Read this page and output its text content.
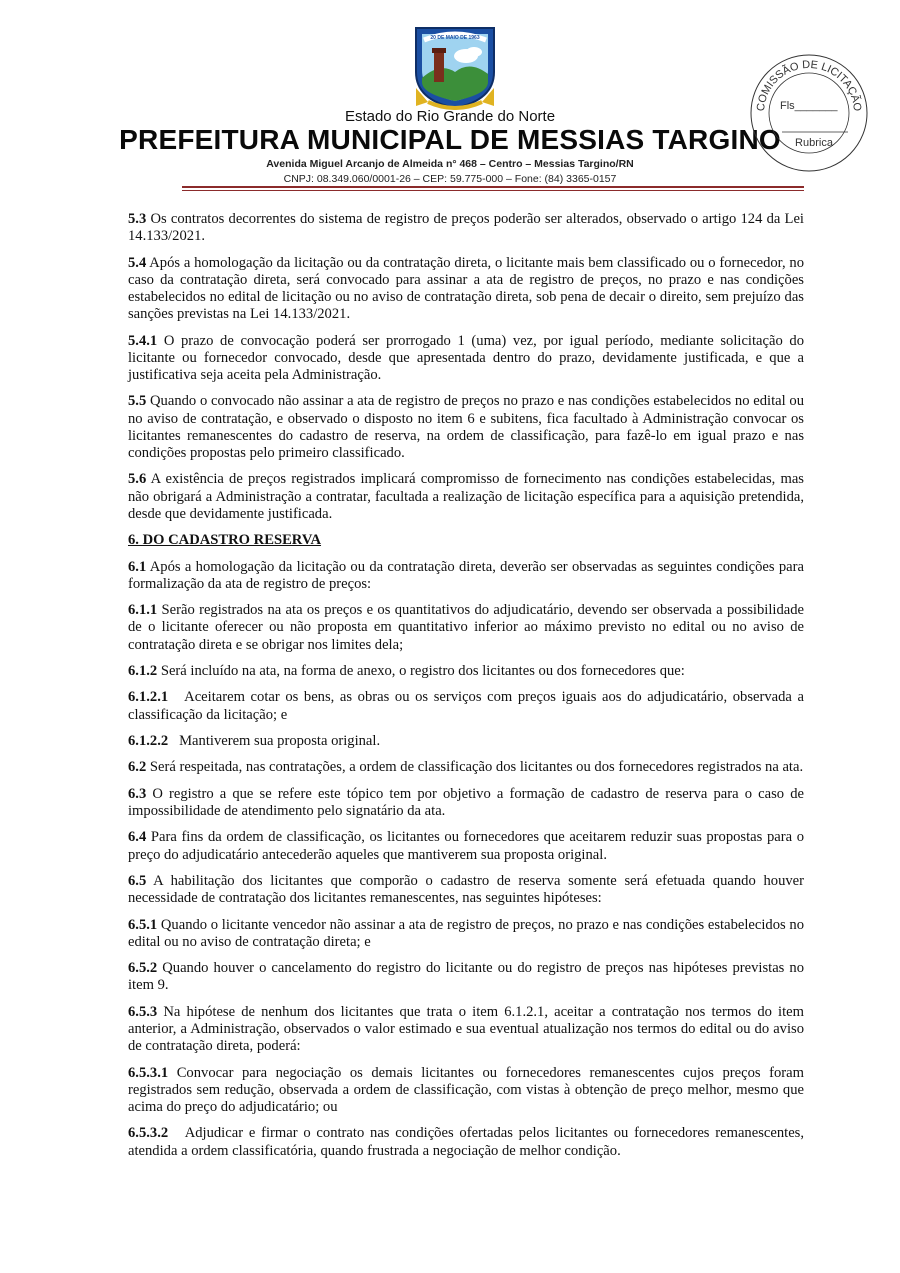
20 DE MAIO DE 1963
Estado do Rio Grande do Norte
PREFEITURA MUNICIPAL DE MESSIAS TARGINO
Avenida Miguel Arcanjo de Almeida n° 468 – Centro – Messias Targino/RN
CNPJ: 08.349.060/0001-26 – CEP: 59.775-000 – Fone: (84) 3365-0157
COMISSÃO DE LICITAÇÃO
Fls_______
Rubrica

5.3 Os contratos decorrentes do sistema de registro de preços poderão ser alterados, observado o artigo 124 da Lei 14.133/2021.

5.4 Após a homologação da licitação ou da contratação direta, o licitante mais bem classificado ou o fornecedor, no caso da contratação direta, será convocado para assinar a ata de registro de preços, no prazo e nas condições estabelecidos no edital de licitação ou no aviso de contratação direta, sob pena de decair o direito, sem prejuízo das sanções previstas na Lei 14.133/2021.

5.4.1 O prazo de convocação poderá ser prorrogado 1 (uma) vez, por igual período, mediante solicitação do licitante ou fornecedor convocado, desde que apresentada dentro do prazo, devidamente justificada, e que a justificativa seja aceita pela Administração.

5.5 Quando o convocado não assinar a ata de registro de preços no prazo e nas condições estabelecidos no edital ou no aviso de contratação, e observado o disposto no item 6 e subitens, fica facultado à Administração convocar os licitantes remanescentes do cadastro de reserva, na ordem de classificação, para fazê-lo em igual prazo e nas condições propostas pelo primeiro classificado.

5.6 A existência de preços registrados implicará compromisso de fornecimento nas condições estabelecidas, mas não obrigará a Administração a contratar, facultada a realização de licitação específica para a aquisição pretendida, desde que devidamente justificada.

6. DO CADASTRO RESERVA

6.1 Após a homologação da licitação ou da contratação direta, deverão ser observadas as seguintes condições para formalização da ata de registro de preços:

6.1.1 Serão registrados na ata os preços e os quantitativos do adjudicatário, devendo ser observada a possibilidade de o licitante oferecer ou não proposta em quantitativo inferior ao máximo previsto no edital ou no aviso de contratação direta e se obrigar nos limites dela;

6.1.2 Será incluído na ata, na forma de anexo, o registro dos licitantes ou dos fornecedores que:

6.1.2.1   Aceitarem cotar os bens, as obras ou os serviços com preços iguais aos do adjudicatário, observada a classificação da licitação; e

6.1.2.2   Mantiverem sua proposta original.

6.2 Será respeitada, nas contratações, a ordem de classificação dos licitantes ou dos fornecedores registrados na ata.

6.3 O registro a que se refere este tópico tem por objetivo a formação de cadastro de reserva para o caso de impossibilidade de atendimento pelo signatário da ata.

6.4 Para fins da ordem de classificação, os licitantes ou fornecedores que aceitarem reduzir suas propostas para o preço do adjudicatário antecederão aqueles que mantiverem sua proposta original.

6.5 A habilitação dos licitantes que comporão o cadastro de reserva somente será efetuada quando houver necessidade de contratação dos licitantes remanescentes, nas seguintes hipóteses:

6.5.1 Quando o licitante vencedor não assinar a ata de registro de preços, no prazo e nas condições estabelecidos no edital ou no aviso de contratação direta; e

6.5.2 Quando houver o cancelamento do registro do licitante ou do registro de preços nas hipóteses previstas no item 9.

6.5.3 Na hipótese de nenhum dos licitantes que trata o item 6.1.2.1, aceitar a contratação nos termos do item anterior, a Administração, observados o valor estimado e sua eventual atualização nos termos do edital ou do aviso de contratação direta, poderá:

6.5.3.1 Convocar para negociação os demais licitantes ou fornecedores remanescentes cujos preços foram registrados sem redução, observada a ordem de classificação, com vistas à obtenção de preço melhor, mesmo que acima do preço do adjudicatário; ou

6.5.3.2   Adjudicar e firmar o contrato nas condições ofertadas pelos licitantes ou fornecedores remanescentes, atendida a ordem classificatória, quando frustrada a negociação de melhor condição.
